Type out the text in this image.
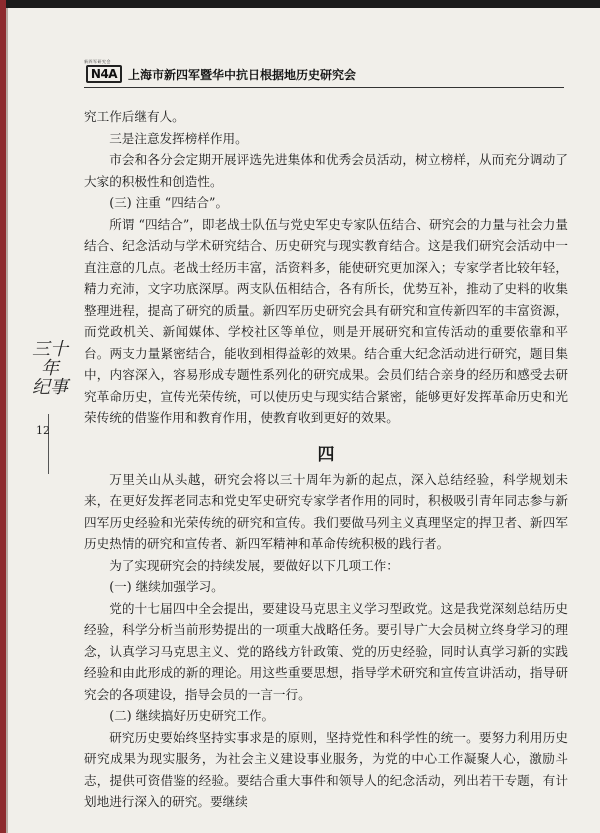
新四军研究会
N4A 上海市新四军暨华中抗日根据地历史研究会
三十年
纪事
12

究工作后继有人。

三是注意发挥榜样作用。

市会和各分会定期开展评选先进集体和优秀会员活动，树立榜样，从而充分调动了大家的积极性和创造性。

(三) 注重 “四结合”。

所谓 “四结合”，即老战士队伍与党史军史专家队伍结合、研究会的力量与社会力量结合、纪念活动与学术研究结合、历史研究与现实教育结合。这是我们研究会活动中一直注意的几点。老战士经历丰富，活资料多，能使研究更加深入；专家学者比较年轻，精力充沛，文字功底深厚。两支队伍相结合，各有所长，优势互补，推动了史料的收集整理进程，提高了研究的质量。新四军历史研究会具有研究和宣传新四军的丰富资源，而党政机关、新闻媒体、学校社区等单位，则是开展研究和宣传活动的重要依靠和平台。两支力量紧密结合，能收到相得益彰的效果。结合重大纪念活动进行研究，题目集中，内容深入，容易形成专题性系列化的研究成果。会员们结合亲身的经历和感受去研究革命历史，宣传光荣传统，可以使历史与现实结合紧密，能够更好发挥革命历史和光荣传统的借鉴作用和教育作用，使教育收到更好的效果。

四

万里关山从头越，研究会将以三十周年为新的起点，深入总结经验，科学规划未来，在更好发挥老同志和党史军史研究专家学者作用的同时，积极吸引青年同志参与新四军历史经验和光荣传统的研究和宣传。我们要做马列主义真理坚定的捍卫者、新四军历史热情的研究和宣传者、新四军精神和革命传统积极的践行者。

为了实现研究会的持续发展，要做好以下几项工作：

(一) 继续加强学习。

党的十七届四中全会提出，要建设马克思主义学习型政党。这是我党深刻总结历史经验，科学分析当前形势提出的一项重大战略任务。要引导广大会员树立终身学习的理念，认真学习马克思主义、党的路线方针政策、党的历史经验，同时认真学习新的实践经验和由此形成的新的理论。用这些重要思想，指导学术研究和宣传宣讲活动，指导研究会的各项建设，指导会员的一言一行。

(二) 继续搞好历史研究工作。

研究历史要始终坚持实事求是的原则，坚持党性和科学性的统一。要努力利用历史研究成果为现实服务，为社会主义建设事业服务，为党的中心工作凝聚人心，激励斗志，提供可资借鉴的经验。要结合重大事件和领导人的纪念活动，列出若干专题，有计划地进行深入的研究。要继续
